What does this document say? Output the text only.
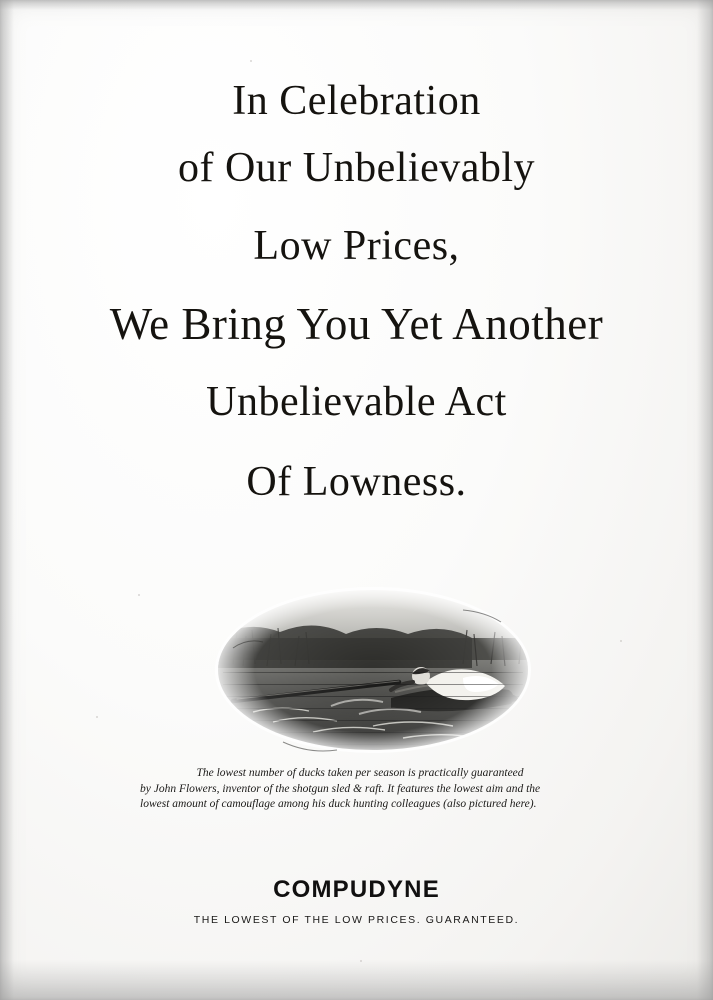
In Celebration
of Our Unbelievably
Low Prices,
We Bring You Yet Another
Unbelievable Act
Of Lowness.
The lowest number of ducks taken per season is practically guaranteed
by John Flowers, inventor of the shotgun sled & raft. It features the lowest aim and the
lowest amount of camouflage among his duck hunting colleagues (also pictured here).
COMPUDYNE
THE LOWEST OF THE LOW PRICES. GUARANTEED.
